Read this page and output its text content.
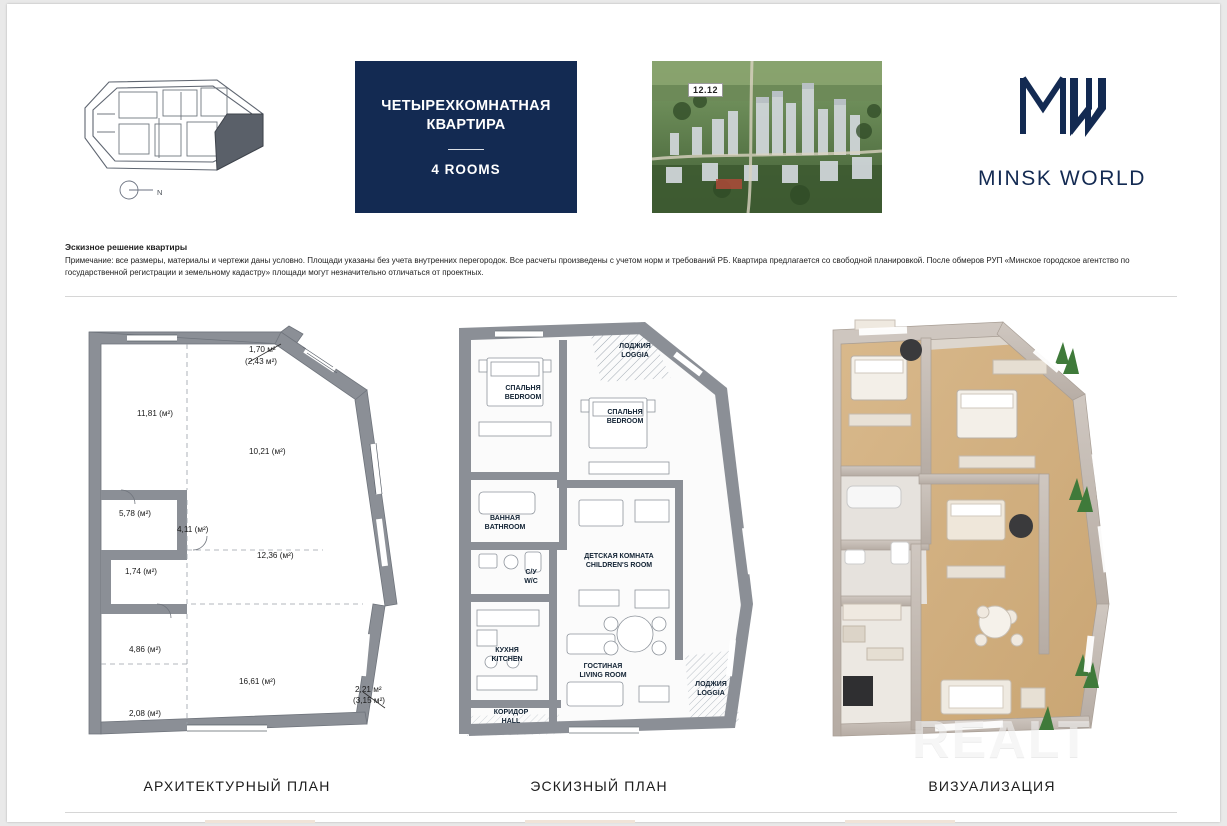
N
ЧЕТЫРЕХКОМНАТНАЯ
КВАРТИРА
4 ROOMS
12.12
MINSK WORLD
Эскизное решение квартиры
Примечание: все размеры, материалы и чертежи даны условно. Площади указаны без учета внутренних перегородок. Все расчеты произведены с учетом норм и требований РБ. Квартира предлагается со свободной планировкой. После обмеров РУП «Минское городское агентство по государственной регистрации и земельному кадастру» площади могут незначительно отличаться от проектных.
11,81 (м²)
1,70 м²
(2,43 м²)
10,21 (м²)
5,78 (м²)
4,11 (м²)
1,74 (м²)
12,36 (м²)
4,86 (м²)
16,61 (м²)
2,08 (м²)
2,21 м²
(3,15 м²)
АРХИТЕКТУРНЫЙ ПЛАН
ЛОДЖИЯ
LOGGIA
СПАЛЬНЯ
BEDROOM
СПАЛЬНЯ
BEDROOM
ВАННАЯ
BATHROOM
С/У
W/C
ДЕТСКАЯ КОМНАТА
CHILDREN'S ROOM
ГОСТИНАЯ
LIVING ROOM
КУХНЯ
KITCHEN
ЛОДЖИЯ
LOGGIA
КОРИДОР
HALL
ЭСКИЗНЫЙ ПЛАН	ВИЗУАЛИЗАЦИЯ
REALT
